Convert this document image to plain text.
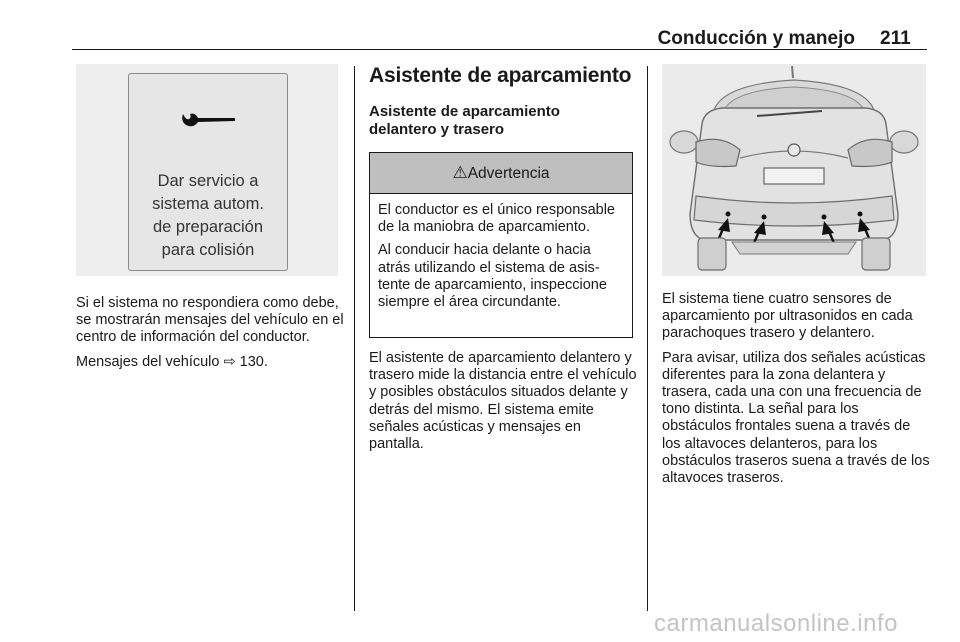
Conducción y manejo 211
Dar servicio a
sistema autom.
de preparación
para colisión

Si el sistema no respondiera como debe, se mostrarán mensajes del vehículo en el centro de información del conductor.

Mensajes del vehículo ⇨ 130.

Asistente de aparcamiento
Asistente de aparcamiento delantero y trasero
⚠Advertencia

El conductor es el único responsable de la maniobra de aparcamiento.

Al conducir hacia delante o hacia atrás utilizando el sistema de asistente de aparcamiento, inspeccione siempre el área circundante.

El asistente de aparcamiento delantero y trasero mide la distancia entre el vehículo y posibles obstáculos situados delante y detrás del mismo. El sistema emite señales acústicas y mensajes en pantalla.

El sistema tiene cuatro sensores de aparcamiento por ultrasonidos en cada parachoques trasero y delantero.

Para avisar, utiliza dos señales acústicas diferentes para la zona delantera y trasera, cada una con una frecuencia de tono distinta. La señal para los obstáculos frontales suena a través de los altavoces delanteros, para los obstáculos traseros suena a través de los altavoces traseros.

carmanualsonline.info
